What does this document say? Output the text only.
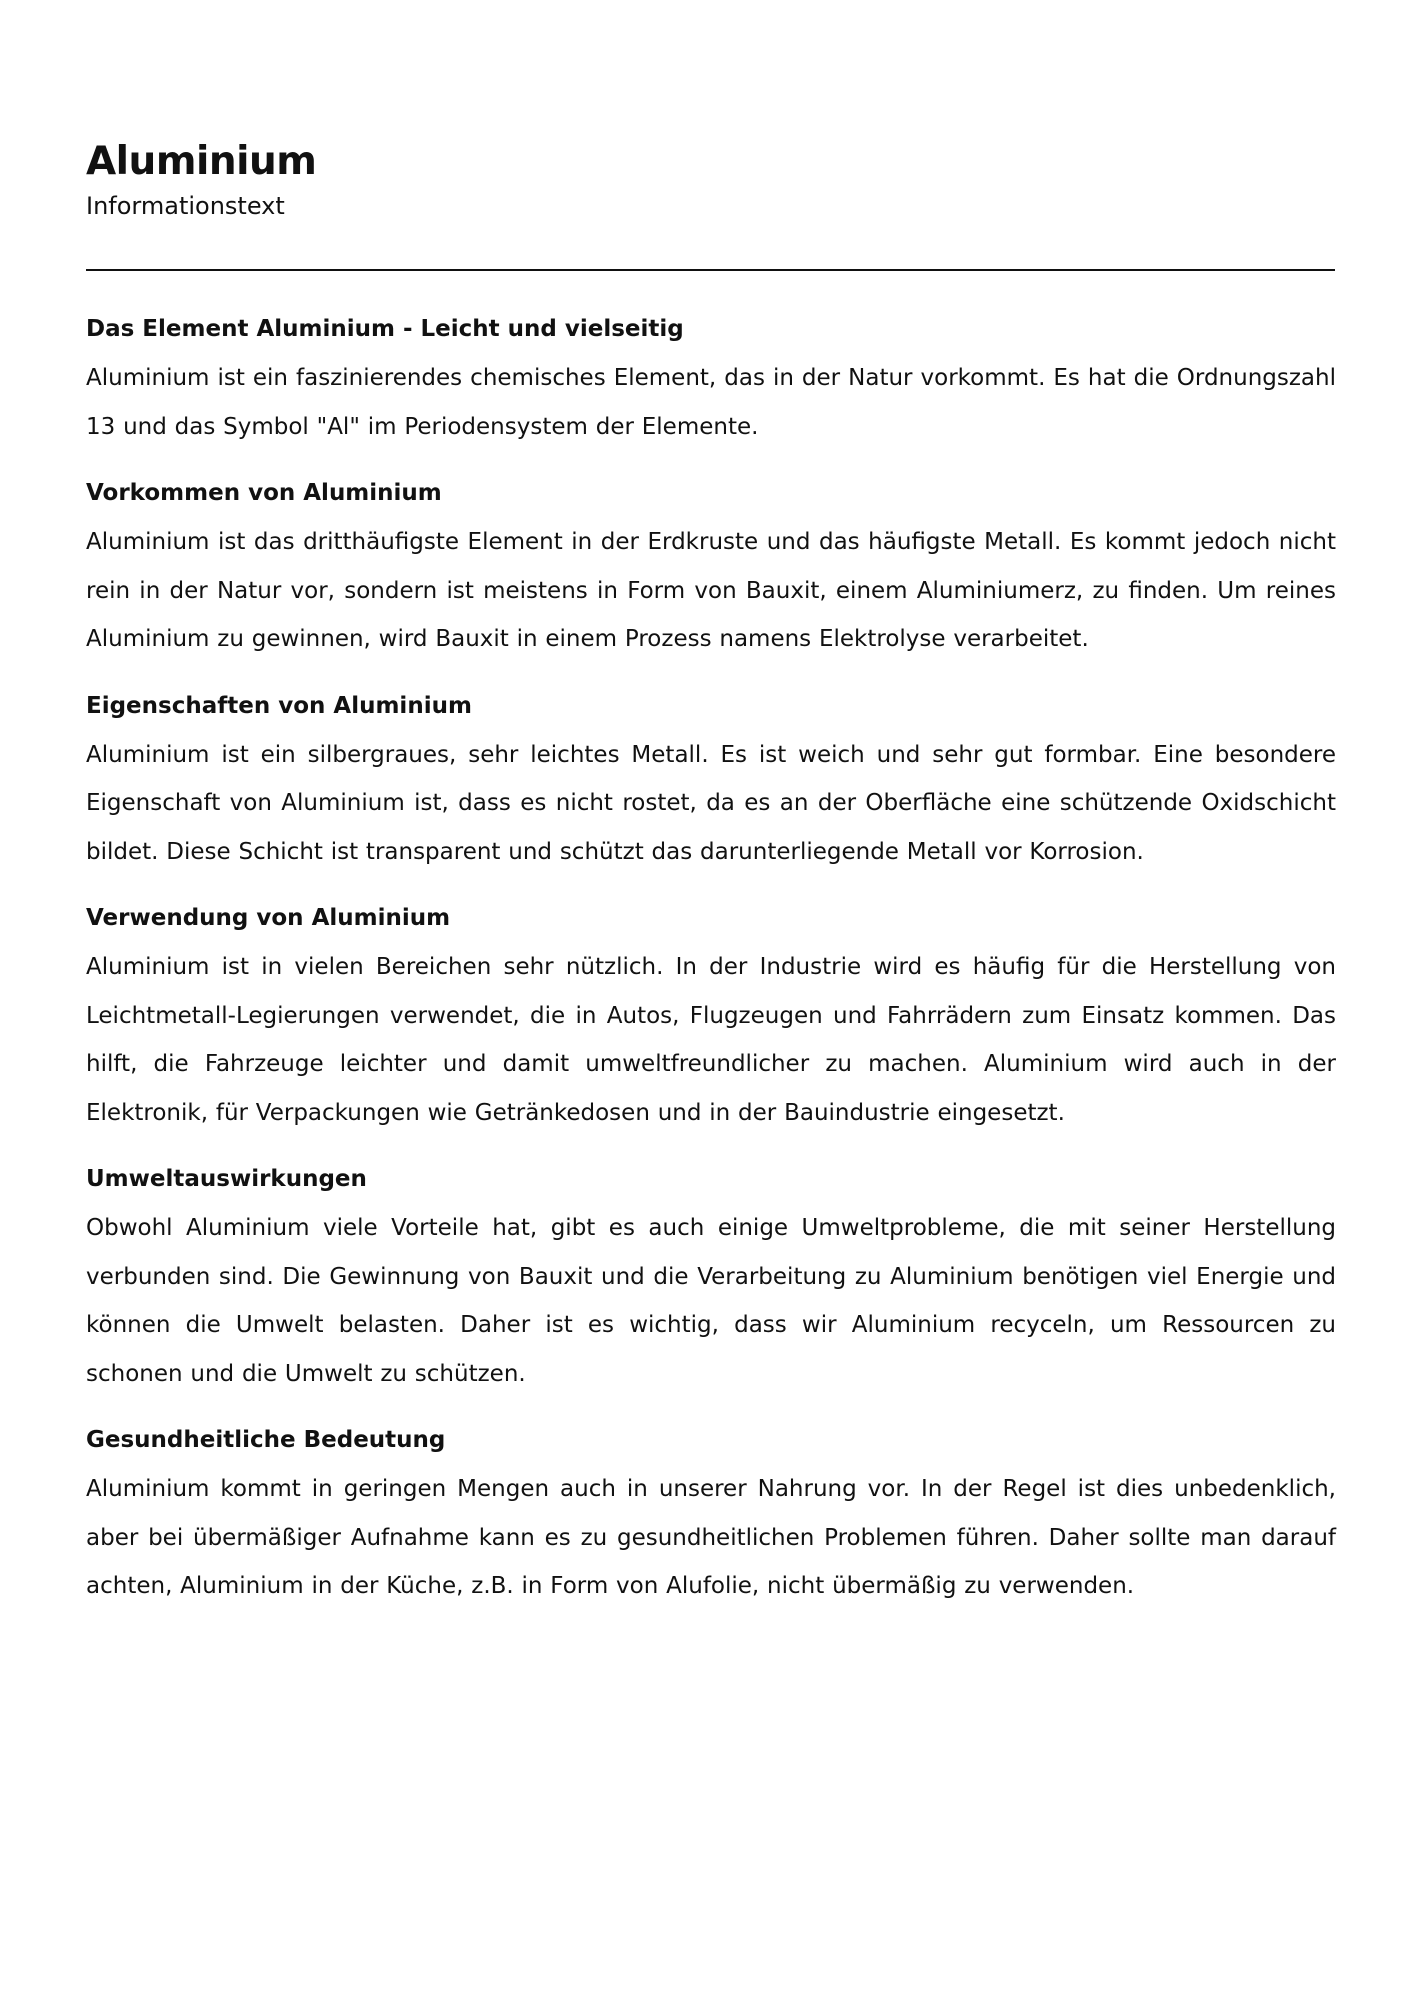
Aluminium
Informationstext
Das Element Aluminium - Leicht und vielseitig

Aluminium ist ein faszinierendes chemisches Element, das in der Natur vorkommt. Es hat die Ordnungszahl 13 und das Symbol "Al" im Periodensystem der Elemente.

Vorkommen von Aluminium

Aluminium ist das dritthäufigste Element in der Erdkruste und das häufigste Metall. Es kommt jedoch nicht rein in der Natur vor, sondern ist meistens in Form von Bauxit, einem Aluminiumerz, zu finden. Um reines Aluminium zu gewinnen, wird Bauxit in einem Prozess namens Elektrolyse verarbeitet.

Eigenschaften von Aluminium

Aluminium ist ein silbergraues, sehr leichtes Metall. Es ist weich und sehr gut formbar. Eine besondere Eigenschaft von Aluminium ist, dass es nicht rostet, da es an der Oberfläche eine schützende Oxidschicht bildet. Diese Schicht ist transparent und schützt das darunterliegende Metall vor Korrosion.

Verwendung von Aluminium

Aluminium ist in vielen Bereichen sehr nützlich. In der Industrie wird es häufig für die Herstellung von Leichtmetall-Legierungen verwendet, die in Autos, Flugzeugen und Fahrrädern zum Einsatz kommen. Das hilft, die Fahrzeuge leichter und damit umweltfreundlicher zu machen. Aluminium wird auch in der Elektronik, für Verpackungen wie Getränkedosen und in der Bauindustrie eingesetzt.

Umweltauswirkungen

Obwohl Aluminium viele Vorteile hat, gibt es auch einige Umweltprobleme, die mit seiner Herstellung verbunden sind. Die Gewinnung von Bauxit und die Verarbeitung zu Aluminium benötigen viel Energie und können die Umwelt belasten. Daher ist es wichtig, dass wir Aluminium recyceln, um Ressourcen zu schonen und die Umwelt zu schützen.

Gesundheitliche Bedeutung

Aluminium kommt in geringen Mengen auch in unserer Nahrung vor. In der Regel ist dies unbedenklich, aber bei übermäßiger Aufnahme kann es zu gesundheitlichen Problemen führen. Daher sollte man darauf achten, Aluminium in der Küche, z.B. in Form von Alufolie, nicht übermäßig zu verwenden.
